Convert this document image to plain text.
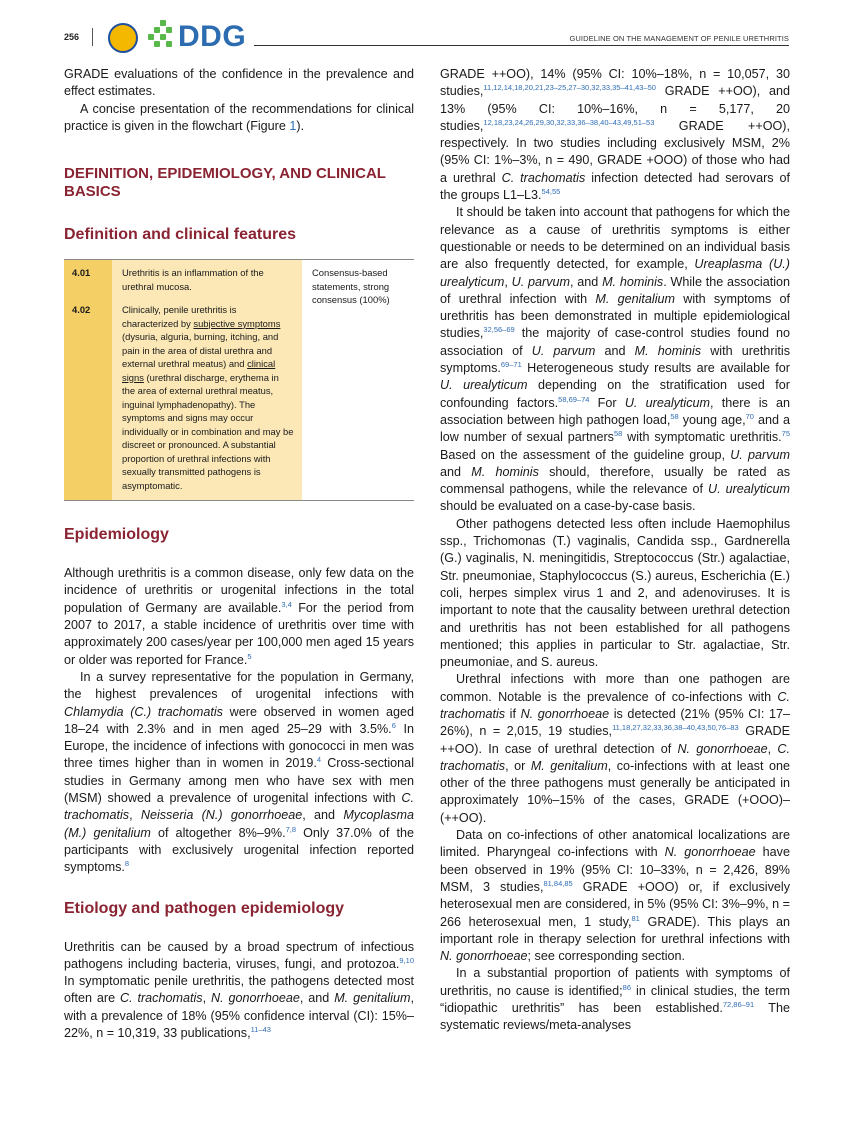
256	DDG	GUIDELINE ON THE MANAGEMENT OF PENILE URETHRITIS

GRADE evaluations of the confidence in the prevalence and effect estimates.

A concise presentation of the recommendations for clinical practice is given in the flowchart (Figure 1).

DEFINITION, EPIDEMIOLOGY, AND CLINICAL BASICS
Definition and clinical features

4.01	Urethritis is an inflammation of the urethral mucosa.	Consensus-based statements, strong consensus (100%)
4.02	Clinically, penile urethritis is characterized by subjective symptoms (dysuria, alguria, burning, itching, and pain in the area of distal urethra and external urethral meatus) and clinical signs (urethral discharge, erythema in the area of external urethral meatus, inguinal lymphadenopathy). The symptoms and signs may occur individually or in combination and may be discreet or pronounced. A substantial proportion of urethral infections with sexually transmitted pathogens is asymptomatic.	

Epidemiology

Although urethritis is a common disease, only few data on the incidence of urethritis or urogenital infections in the total population of Germany are available.$^{3,4}$ For the period from 2007 to 2017, a stable incidence of urethritis over time with approximately 200 cases/year per 100,000 men aged 15 years or older was reported for France.$^5$

In a survey representative for the population in Germany, the highest prevalences of urogenital infections with Chlamydia (C.) trachomatis were observed in women aged 18–24 with 2.3% and in men aged 25–29 with 3.5%.$^6$ In Europe, the incidence of infections with gonococci in men was three times higher than in women in 2019.$^4$ Cross-sectional studies in Germany among men who have sex with men (MSM) showed a prevalence of urogenital infections with C. trachomatis, Neisseria (N.) gonorrhoeae, and Mycoplasma (M.) genitalium of altogether 8%–9%.$^{7,8}$ Only 37.0% of the participants with exclusively urogenital infection reported symptoms.$^8$

Etiology and pathogen epidemiology

Urethritis can be caused by a broad spectrum of infectious pathogens including bacteria, viruses, fungi, and protozoa.$^{9,10}$ In symptomatic penile urethritis, the pathogens detected most often are C. trachomatis, N. gonorrhoeae, and M. genitalium, with a prevalence of 18% (95% confidence interval (CI): 15%–22%, n = 10,319, 33 publications,$^{11-43}$

GRADE ++OO), 14% (95% CI: 10%–18%, n = 10,057, 30 studies,$^{11,12,14,18,20,21,23-25,27-30,32,33,35-41,43-50}$ GRADE ++OO), and 13% (95% CI: 10%–16%, n = 5,177, 20 studies,$^{12,18,23,24,26,29,30,32,33,36-38,40-43,49,51-53}$ GRADE ++OO), respectively. In two studies including exclusively MSM, 2% (95% CI: 1%–3%, n = 490, GRADE +OOO) of those who had a urethral C. trachomatis infection detected had serovars of the groups L1–L3.$^{54,55}$

It should be taken into account that pathogens for which the relevance as a cause of urethritis symptoms is either questionable or needs to be determined on an individual basis are also frequently detected, for example, Ureaplasma (U.) urealyticum, U. parvum, and M. hominis. While the association of urethral infection with M. genitalium with symptoms of urethritis has been demonstrated in multiple epidemiological studies,$^{32,56-69}$ the majority of case-control studies found no association of U. parvum and M. hominis with urethritis symptoms.$^{69-71}$ Heterogeneous study results are available for U. urealyticum depending on the stratification used for confounding factors.$^{58,69-74}$ For U. urealyticum, there is an association between high pathogen load,$^{58}$ young age,$^{70}$ and a low number of sexual partners$^{58}$ with symptomatic urethritis.$^{75}$ Based on the assessment of the guideline group, U. parvum and M. hominis should, therefore, usually be rated as commensal pathogens, while the relevance of U. urealyticum should be evaluated on a case-by-case basis.

Other pathogens detected less often include Haemophilus ssp., Trichomonas (T.) vaginalis, Candida ssp., Gardnerella (G.) vaginalis, N. meningitidis, Streptococcus (Str.) agalactiae, Str. pneumoniae, Staphylococcus (S.) aureus, Escherichia (E.) coli, herpes simplex virus 1 and 2, and adenoviruses. It is important to note that the causality between urethral detection and urethritis has not been established for all pathogens mentioned; this applies in particular to Str. agalactiae, Str. pneumoniae, and S. aureus.

Urethral infections with more than one pathogen are common. Notable is the prevalence of co-infections with C. trachomatis if N. gonorrhoeae is detected (21% (95% CI: 17–26%), n = 2,015, 19 studies,$^{11,18,27,32,33,36,38-40,43,50,76-83}$ GRADE ++OO). In case of urethral detection of N. gonorrhoeae, C. trachomatis, or M. genitalium, co-infections with at least one other of the three pathogens must generally be anticipated in approximately 10%–15% of the cases, GRADE (+OOO)–(++OO).

Data on co-infections of other anatomical localizations are limited. Pharyngeal co-infections with N. gonorrhoeae have been observed in 19% (95% CI: 10–33%, n = 2,426, 89% MSM, 3 studies,$^{81,84,85}$ GRADE +OOO) or, if exclusively heterosexual men are considered, in 5% (95% CI: 3%–9%, n = 266 heterosexual men, 1 study,$^{81}$ GRADE). This plays an important role in therapy selection for urethral infections with N. gonorrhoeae; see corresponding section.

In a substantial proportion of patients with symptoms of urethritis, no cause is identified;$^{86}$ in clinical studies, the term “idiopathic urethritis” has been established.$^{72,86-91}$ The systematic reviews/meta-analyses
